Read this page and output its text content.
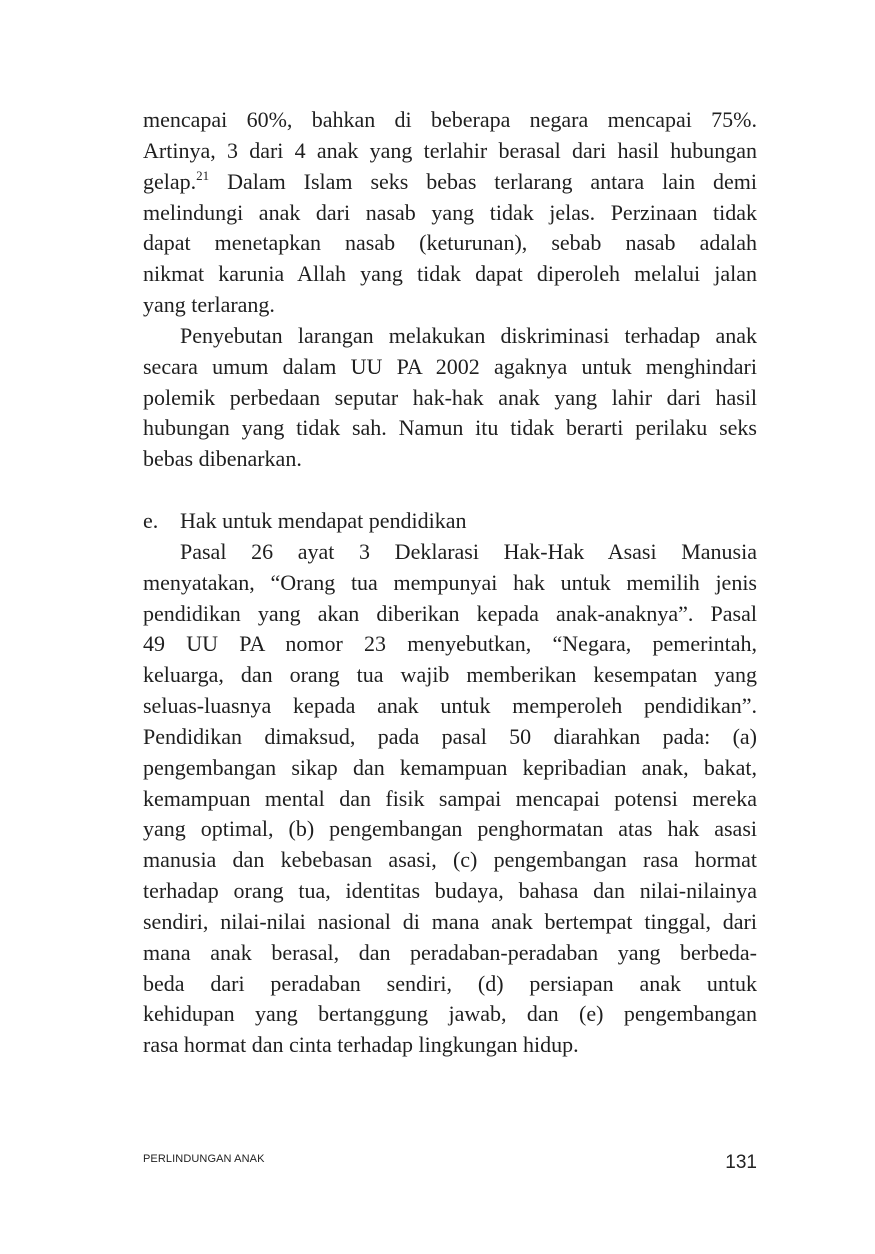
mencapai 60%, bahkan di beberapa negara mencapai 75%.
Artinya, 3 dari 4 anak yang terlahir berasal dari hasil hubungan
gelap.$^{21}$ Dalam Islam seks bebas terlarang antara lain demi
melindungi anak dari nasab yang tidak jelas. Perzinaan tidak
dapat menetapkan nasab (keturunan), sebab nasab adalah
nikmat karunia Allah yang tidak dapat diperoleh melalui jalan
yang terlarang.
Penyebutan larangan melakukan diskriminasi terhadap anak
secara umum dalam UU PA 2002 agaknya untuk menghindari
polemik perbedaan seputar hak-hak anak yang lahir dari hasil
hubungan yang tidak sah. Namun itu tidak berarti perilaku seks
bebas dibenarkan.
e. Hak untuk mendapat pendidikan
Pasal 26 ayat 3 Deklarasi Hak-Hak Asasi Manusia
menyatakan, “Orang tua mempunyai hak untuk memilih jenis
pendidikan yang akan diberikan kepada anak-anaknya”. Pasal
49 UU PA nomor 23 menyebutkan, “Negara, pemerintah,
keluarga, dan orang tua wajib memberikan kesempatan yang
seluas-luasnya kepada anak untuk memperoleh pendidikan”.
Pendidikan dimaksud, pada pasal 50 diarahkan pada: (a)
pengembangan sikap dan kemampuan kepribadian anak, bakat,
kemampuan mental dan fisik sampai mencapai potensi mereka
yang optimal, (b) pengembangan penghormatan atas hak asasi
manusia dan kebebasan asasi, (c) pengembangan rasa hormat
terhadap orang tua, identitas budaya, bahasa dan nilai-nilainya
sendiri, nilai-nilai nasional di mana anak bertempat tinggal, dari
mana anak berasal, dan peradaban-peradaban yang berbeda-
beda dari peradaban sendiri, (d) persiapan anak untuk
kehidupan yang bertanggung jawab, dan (e) pengembangan
rasa hormat dan cinta terhadap lingkungan hidup.
PERLINDUNGAN ANAK	131
